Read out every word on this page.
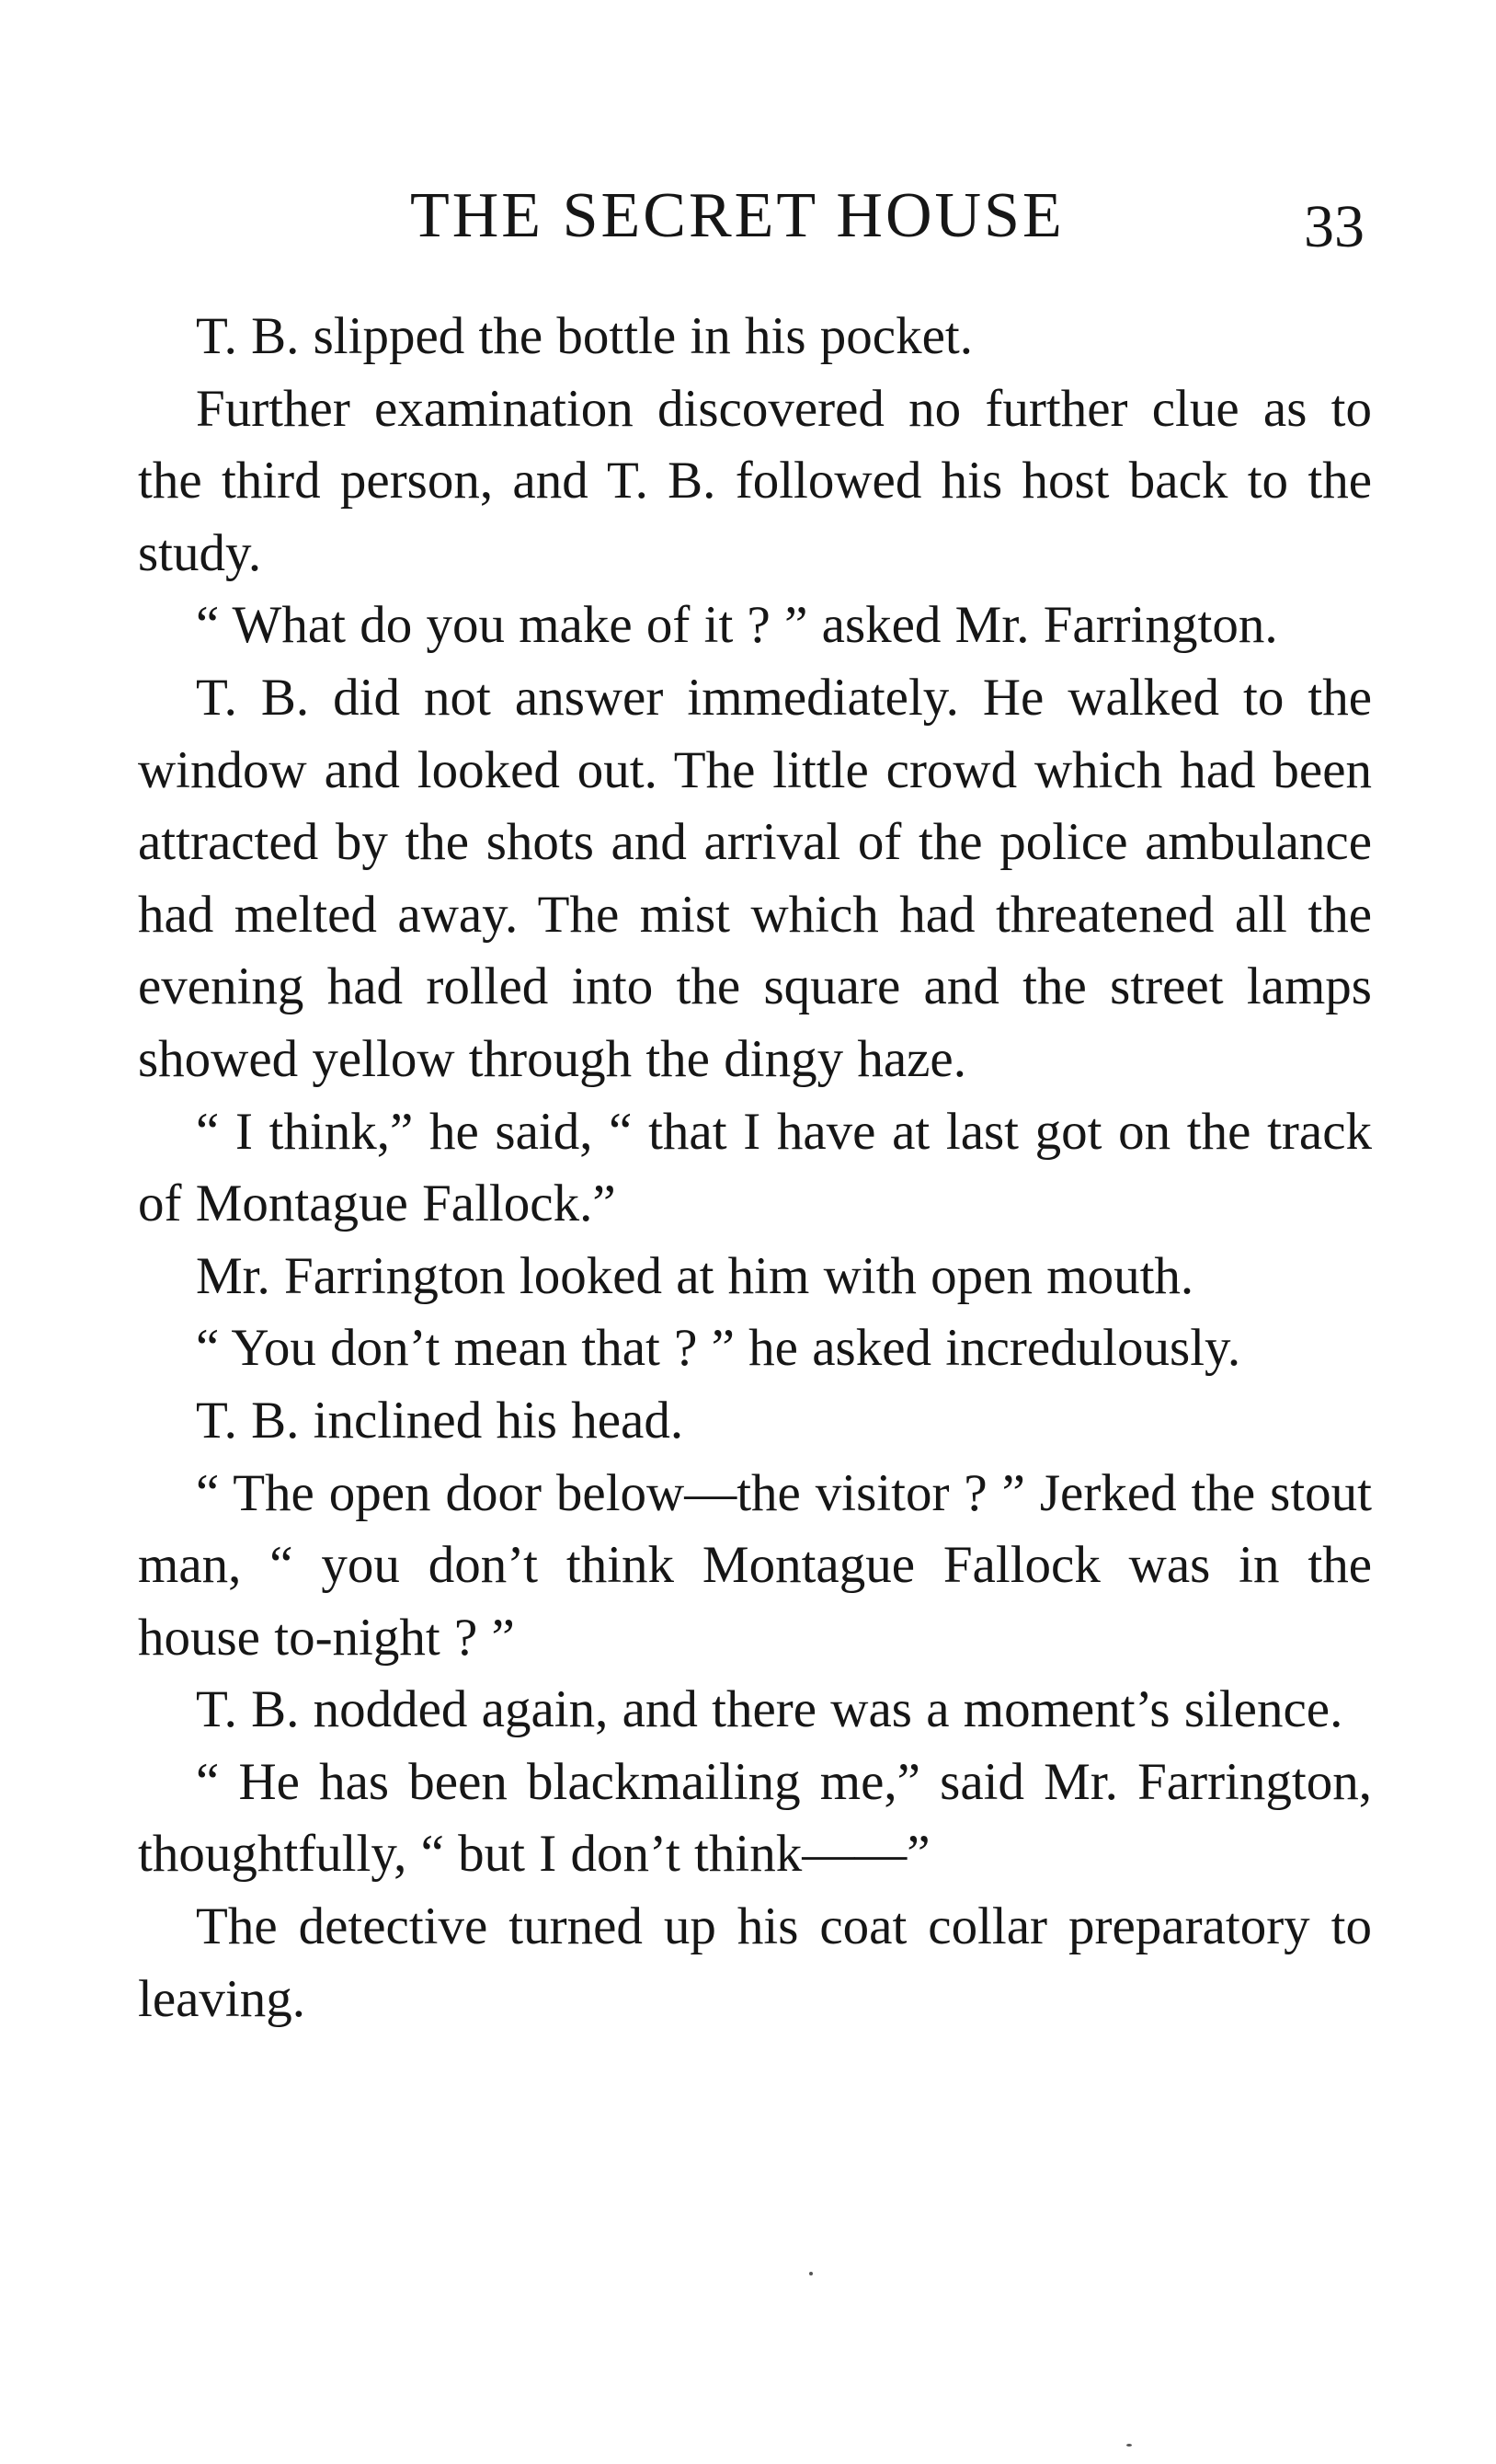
THE SECRET HOUSE	33

T. B. slipped the bottle in his pocket.

Further examination discovered no further clue as to the third person, and T. B. followed his host back to the study.

“ What do you make of it ? ” asked Mr. Farrington.

T. B. did not answer immediately. He walked to the window and looked out. The little crowd which had been attracted by the shots and arrival of the police ambulance had melted away. The mist which had threatened all the evening had rolled into the square and the street lamps showed yellow through the dingy haze.

“ I think,” he said, “ that I have at last got on the track of Montague Fallock.”

Mr. Farrington looked at him with open mouth.

“ You don’t mean that ? ” he asked incredulously.

T. B. inclined his head.

“ The open door below—the visitor ? ” Jerked the stout man, “ you don’t think Montague Fallock was in the house to-night ? ”

T. B. nodded again, and there was a moment’s silence.

“ He has been blackmailing me,” said Mr. Farrington, thoughtfully, “ but I don’t think——”

The detective turned up his coat collar preparatory to leaving.
